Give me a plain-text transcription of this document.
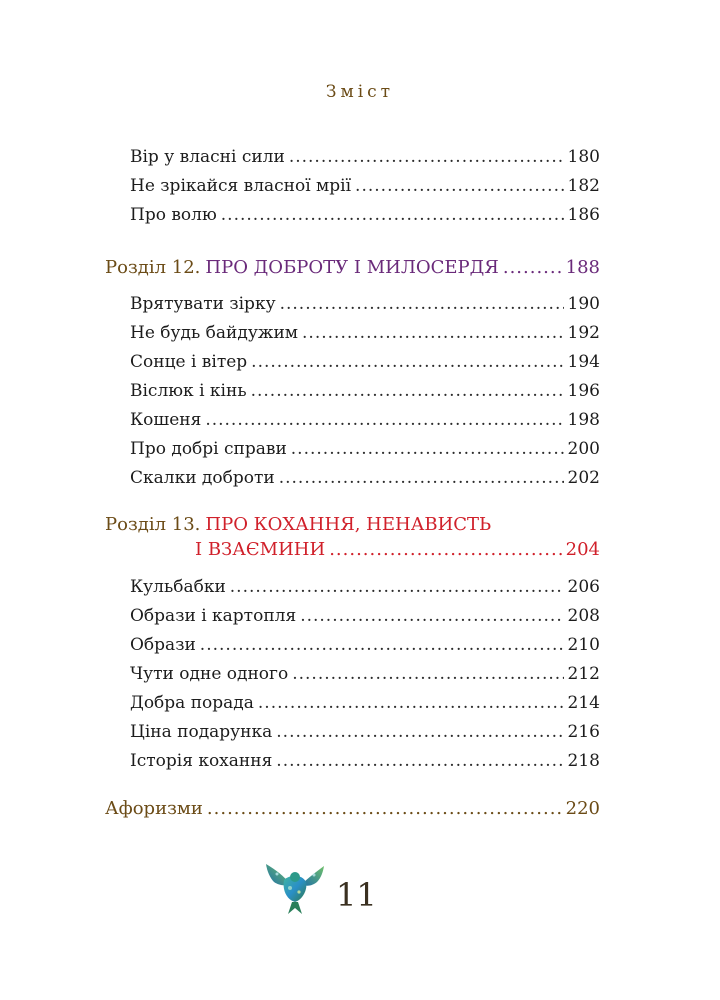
Зміст
Вір у власні сили .....	180
Не зрікайся власної мрії .....	182
Про волю .....	186
Розділ 12. ПРО ДОБРОТУ І МИЛОСЕРДЯ .....	188
Врятувати зірку .....	190
Не будь байдужим .....	192
Сонце і вітер .....	194
Віслюк і кінь .....	196
Кошеня .....	198
Про добрі справи .....	200
Скалки доброти .....	202
Розділ 13. ПРО КОХАННЯ, НЕНАВИСТЬ
І ВЗАЄМИНИ .....	204
Кульбабки .....	206
Образи і картопля .....	208
Образи .....	210
Чути одне одного .....	212
Добра порада .....	214
Ціна подарунка .....	216
Історія кохання .....	218
Афоризми .....	220
11
